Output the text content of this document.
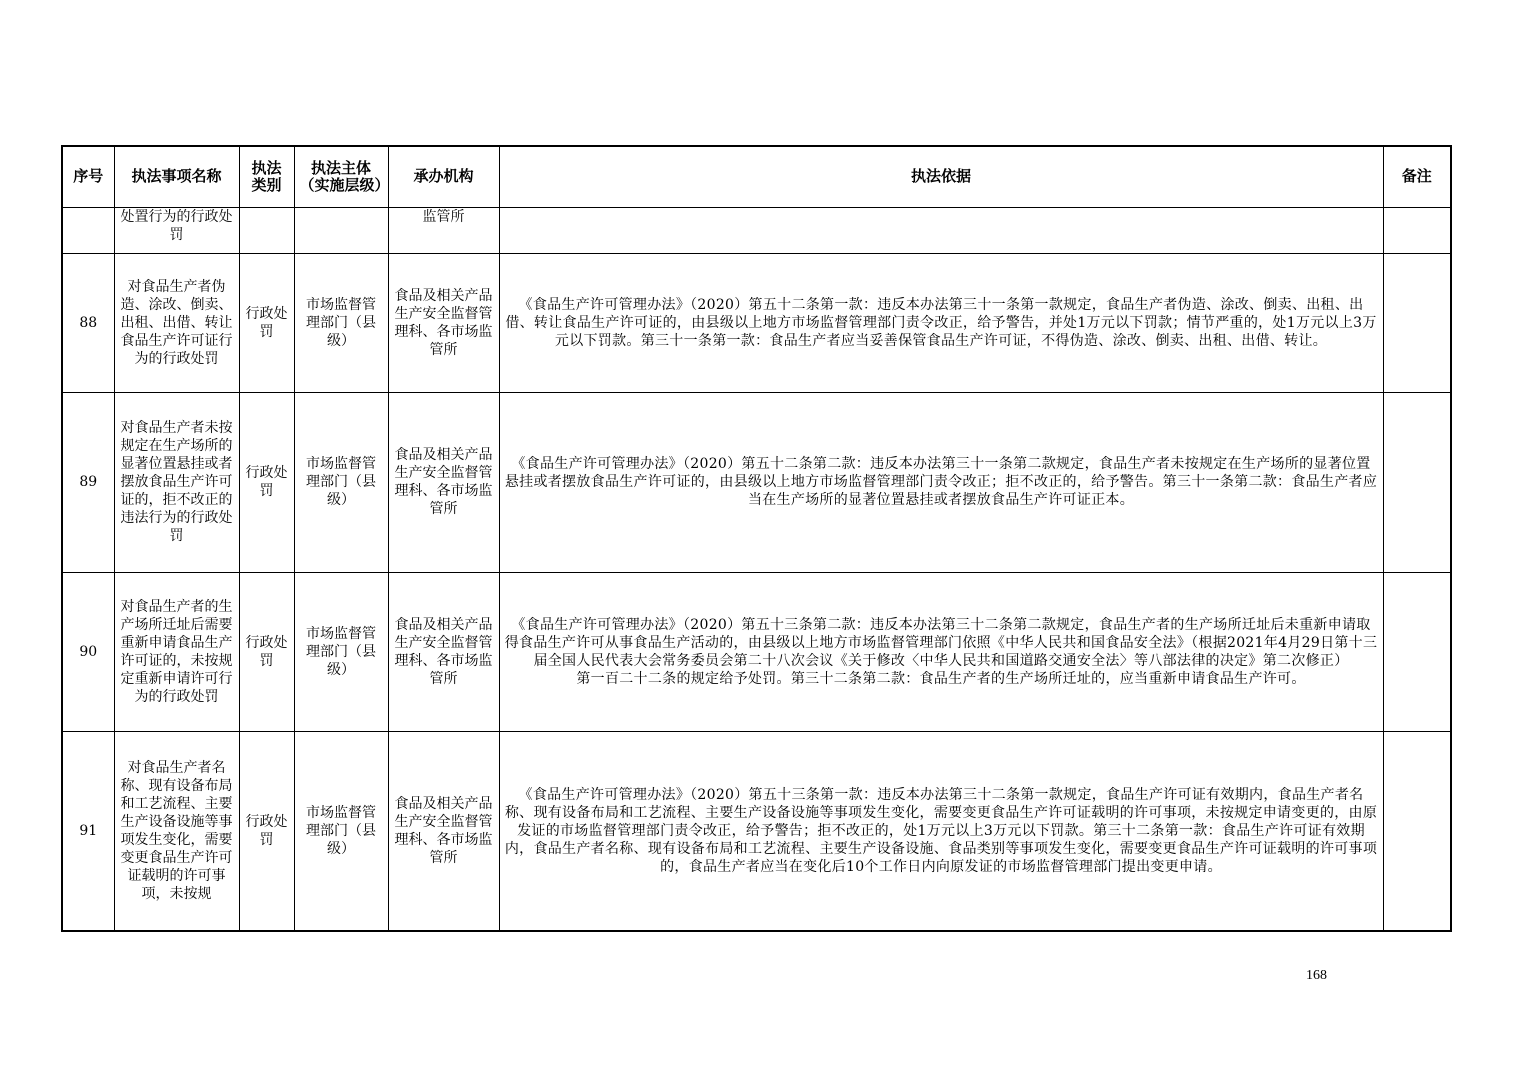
序号	执法事项名称	执法类别	执法主体（实施层级）	承办机构	执法依据	备注
	处置行为的行政处罚			监管所		
88	对食品生产者伪造、涂改、倒卖、出租、出借、转让食品生产许可证行为的行政处罚	行政处罚	市场监督管理部门（县级）	食品及相关产品生产安全监督管理科、各市场监管所	《食品生产许可管理办法》（2020）第五十二条第一款：违反本办法第三十一条第一款规定，食品生产者伪造、涂改、倒卖、出租、出借、转让食品生产许可证的，由县级以上地方市场监督管理部门责令改正，给予警告，并处1万元以下罚款；情节严重的，处1万元以上3万元以下罚款。第三十一条第一款：食品生产者应当妥善保管食品生产许可证，不得伪造、涂改、倒卖、出租、出借、转让。	

89	对食品生产者未按规定在生产场所的显著位置悬挂或者摆放食品生产许可证的，拒不改正的违法行为的行政处罚	行政处罚	市场监督管理部门（县级）	食品及相关产品生产安全监督管理科、各市场监管所	《食品生产许可管理办法》（2020）第五十二条第二款：违反本办法第三十一条第二款规定，食品生产者未按规定在生产场所的显著位置悬挂或者摆放食品生产许可证的，由县级以上地方市场监督管理部门责令改正；拒不改正的，给予警告。第三十一条第二款：食品生产者应当在生产场所的显著位置悬挂或者摆放食品生产许可证正本。	

90	对食品生产者的生产场所迁址后需要重新申请食品生产许可证的，未按规定重新申请许可行为的行政处罚	行政处罚	市场监督管理部门（县级）	食品及相关产品生产安全监督管理科、各市场监管所	《食品生产许可管理办法》（2020）第五十三条第二款：违反本办法第三十二条第二款规定，食品生产者的生产场所迁址后未重新申请取得食品生产许可从事食品生产活动的，由县级以上地方市场监督管理部门依照《中华人民共和国食品安全法》（根据2021年4月29日第十三届全国人民代表大会常务委员会第二十八次会议《关于修改〈中华人民共和国道路交通安全法〉等八部法律的决定》第二次修正）
第一百二十二条的规定给予处罚。第三十二条第二款：食品生产者的生产场所迁址的，应当重新申请食品生产许可。	

91	对食品生产者名称、现有设备布局和工艺流程、主要生产设备设施等事项发生变化，需要变更食品生产许可证载明的许可事项，未按规	行政处罚	市场监督管理部门（县级）	食品及相关产品生产安全监督管理科、各市场监管所	《食品生产许可管理办法》（2020）第五十三条第一款：违反本办法第三十二条第一款规定，食品生产许可证有效期内，食品生产者名称、现有设备布局和工艺流程、主要生产设备设施等事项发生变化，需要变更食品生产许可证载明的许可事项，未按规定申请变更的，由原发证的市场监督管理部门责令改正，给予警告；拒不改正的，处1万元以上3万元以下罚款。第三十二条第一款：食品生产许可证有效期内，食品生产者名称、现有设备布局和工艺流程、主要生产设备设施、食品类别等事项发生变化，需要变更食品生产许可证载明的许可事项的，食品生产者应当在变化后10个工作日内向原发证的市场监督管理部门提出变更申请。	

168
